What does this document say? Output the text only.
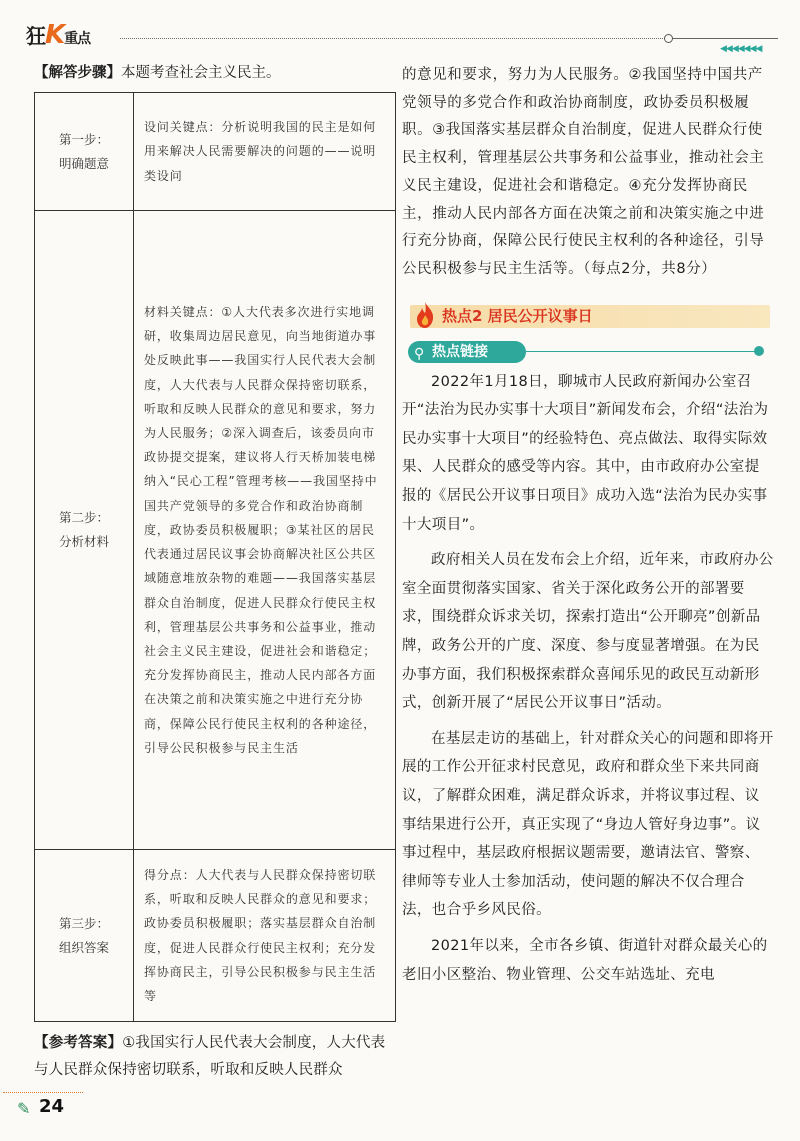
狂K重点
◀◀◀◀◀◀◀
【解答步骤】本题考查社会主义民主。
第一步：
明确题意	设问关键点：分析说明我国的民主是如何用来解决人民需要解决的问题的——说明类设问
第二步：
分析材料	材料关键点：①人大代表多次进行实地调研，收集周边居民意见，向当地街道办事处反映此事——我国实行人民代表大会制度，人大代表与人民群众保持密切联系，听取和反映人民群众的意见和要求，努力为人民服务；②深入调查后，该委员向市政协提交提案，建议将人行天桥加装电梯纳入“民心工程”管理考核——我国坚持中国共产党领导的多党合作和政治协商制度，政协委员积极履职；③某社区的居民代表通过居民议事会协商解决社区公共区域随意堆放杂物的难题——我国落实基层群众自治制度，促进人民群众行使民主权利，管理基层公共事务和公益事业，推动社会主义民主建设，促进社会和谐稳定；充分发挥协商民主，推动人民内部各方面在决策之前和决策实施之中进行充分协商，保障公民行使民主权利的各种途径，引导公民积极参与民主生活
第三步：
组织答案	得分点：人大代表与人民群众保持密切联系，听取和反映人民群众的意见和要求；政协委员积极履职；落实基层群众自治制度，促进人民群众行使民主权利；充分发挥协商民主，引导公民积极参与民主生活等
【参考答案】①我国实行人民代表大会制度，人大代表与人民群众保持密切联系，听取和反映人民群众

的意见和要求，努力为人民服务。②我国坚持中国共产党领导的多党合作和政治协商制度，政协委员积极履职。③我国落实基层群众自治制度，促进人民群众行使民主权利，管理基层公共事务和公益事业，推动社会主义民主建设，促进社会和谐稳定。④充分发挥协商民主，推动人民内部各方面在决策之前和决策实施之中进行充分协商，保障公民行使民主权利的各种途径，引导公民积极参与民主生活等。（每点2分，共8分）

热点2 居民公开议事日
⚲ 热点链接

2022年1月18日，聊城市人民政府新闻办公室召开“法治为民办实事十大项目”新闻发布会，介绍“法治为民办实事十大项目”的经验特色、亮点做法、取得实际效果、人民群众的感受等内容。其中，由市政府办公室提报的《居民公开议事日项目》成功入选“法治为民办实事十大项目”。

政府相关人员在发布会上介绍，近年来，市政府办公室全面贯彻落实国家、省关于深化政务公开的部署要求，围绕群众诉求关切，探索打造出“公开聊亮”创新品牌，政务公开的广度、深度、参与度显著增强。在为民办事方面，我们积极探索群众喜闻乐见的政民互动新形式，创新开展了“居民公开议事日”活动。

在基层走访的基础上，针对群众关心的问题和即将开展的工作公开征求村民意见，政府和群众坐下来共同商议，了解群众困难，满足群众诉求，并将议事过程、议事结果进行公开，真正实现了“身边人管好身边事”。议事过程中，基层政府根据议题需要，邀请法官、警察、律师等专业人士参加活动，使问题的解决不仅合理合法，也合乎乡风民俗。

2021年以来，全市各乡镇、街道针对群众最关心的老旧小区整治、物业管理、公交车站选址、充电

✎ 24
